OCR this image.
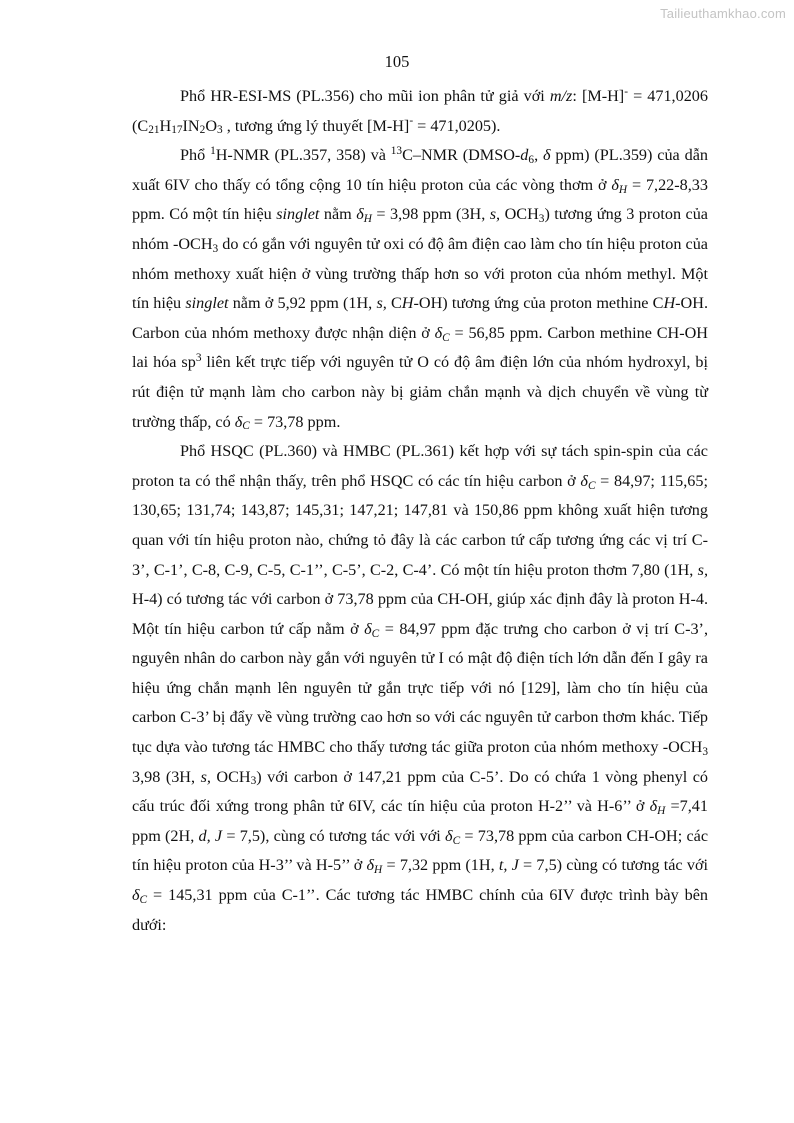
Tailieuthamkhao.com
105

Phổ HR-ESI-MS (PL.356) cho mũi ion phân tử giả với m/z: [M-H]- = 471,0206 ($C_{21}H_{17}IN_2O_3$ , tương ứng lý thuyết [M-H]- = 471,0205).

Phổ $^1$H-NMR (PL.357, 358) và $^{13}$C–NMR ($DMSO-d_6$, δ ppm) (PL.359) của dẫn xuất 6IV cho thấy có tổng cộng 10 tín hiệu proton của các vòng thơm ở $\delta_H = 7,22-8,33$ ppm. Có một tín hiệu singlet nằm $\delta_H = 3,98$ ppm (3H, s, $OCH_3$) tương ứng 3 proton của nhóm $-OCH_3$ do có gắn với nguyên tử oxi có độ âm điện cao làm cho tín hiệu proton của nhóm methoxy xuất hiện ở vùng trường thấp hơn so với proton của nhóm methyl. Một tín hiệu singlet nằm ở 5,92 ppm (1H, s, CH-OH) tương ứng của proton methine CH-OH. Carbon của nhóm methoxy được nhận diện ở $\delta_C = 56,85$ ppm. Carbon methine CH-OH lai hóa $sp^3$ liên kết trực tiếp với nguyên tử O có độ âm điện lớn của nhóm hydroxyl, bị rút điện tử mạnh làm cho carbon này bị giảm chắn mạnh và dịch chuyển về vùng từ trường thấp, có $\delta_C = 73,78$ ppm.

Phổ HSQC (PL.360) và HMBC (PL.361) kết hợp với sự tách spin-spin của các proton ta có thể nhận thấy, trên phổ HSQC có các tín hiệu carbon ở $\delta_C = 84,97$; 115,65; 130,65; 131,74; 143,87; 145,31; 147,21; 147,81 và 150,86 ppm không xuất hiện tương quan với tín hiệu proton nào, chứng tỏ đây là các carbon tứ cấp tương ứng các vị trí C-3’, C-1’, C-8, C-9, C-5, C-1’’, C-5’, C-2, C-4’. Có một tín hiệu proton thơm 7,80 (1H, s, H-4) có tương tác với carbon ở 73,78 ppm của CH-OH, giúp xác định đây là proton H-4. Một tín hiệu carbon tứ cấp nằm ở $\delta_C = 84,97$ ppm đặc trưng cho carbon ở vị trí C-3’, nguyên nhân do carbon này gắn với nguyên tử I có mật độ điện tích lớn dẫn đến I gây ra hiệu ứng chắn mạnh lên nguyên tử gắn trực tiếp với nó [129], làm cho tín hiệu của carbon C-3’ bị đẩy về vùng trường cao hơn so với các nguyên tử carbon thơm khác. Tiếp tục dựa vào tương tác HMBC cho thấy tương tác giữa proton của nhóm methoxy $-OCH_3$ 3,98 (3H, s, $OCH_3$) với carbon ở 147,21 ppm của C-5’. Do có chứa 1 vòng phenyl có cấu trúc đối xứng trong phân tử 6IV, các tín hiệu của proton H-2’’ và H-6’’ ở $\delta_H =7,41$ ppm (2H, d, J = 7,5), cùng có tương tác với với $\delta_C = 73,78$ ppm của carbon CH-OH; các tín hiệu proton của H-3’’ và H-5’’ ở $\delta_H = 7,32$ ppm (1H, t, J = 7,5) cùng có tương tác với $\delta_C = 145,31$ ppm của C-1’’. Các tương tác HMBC chính của 6IV được trình bày bên dưới:
